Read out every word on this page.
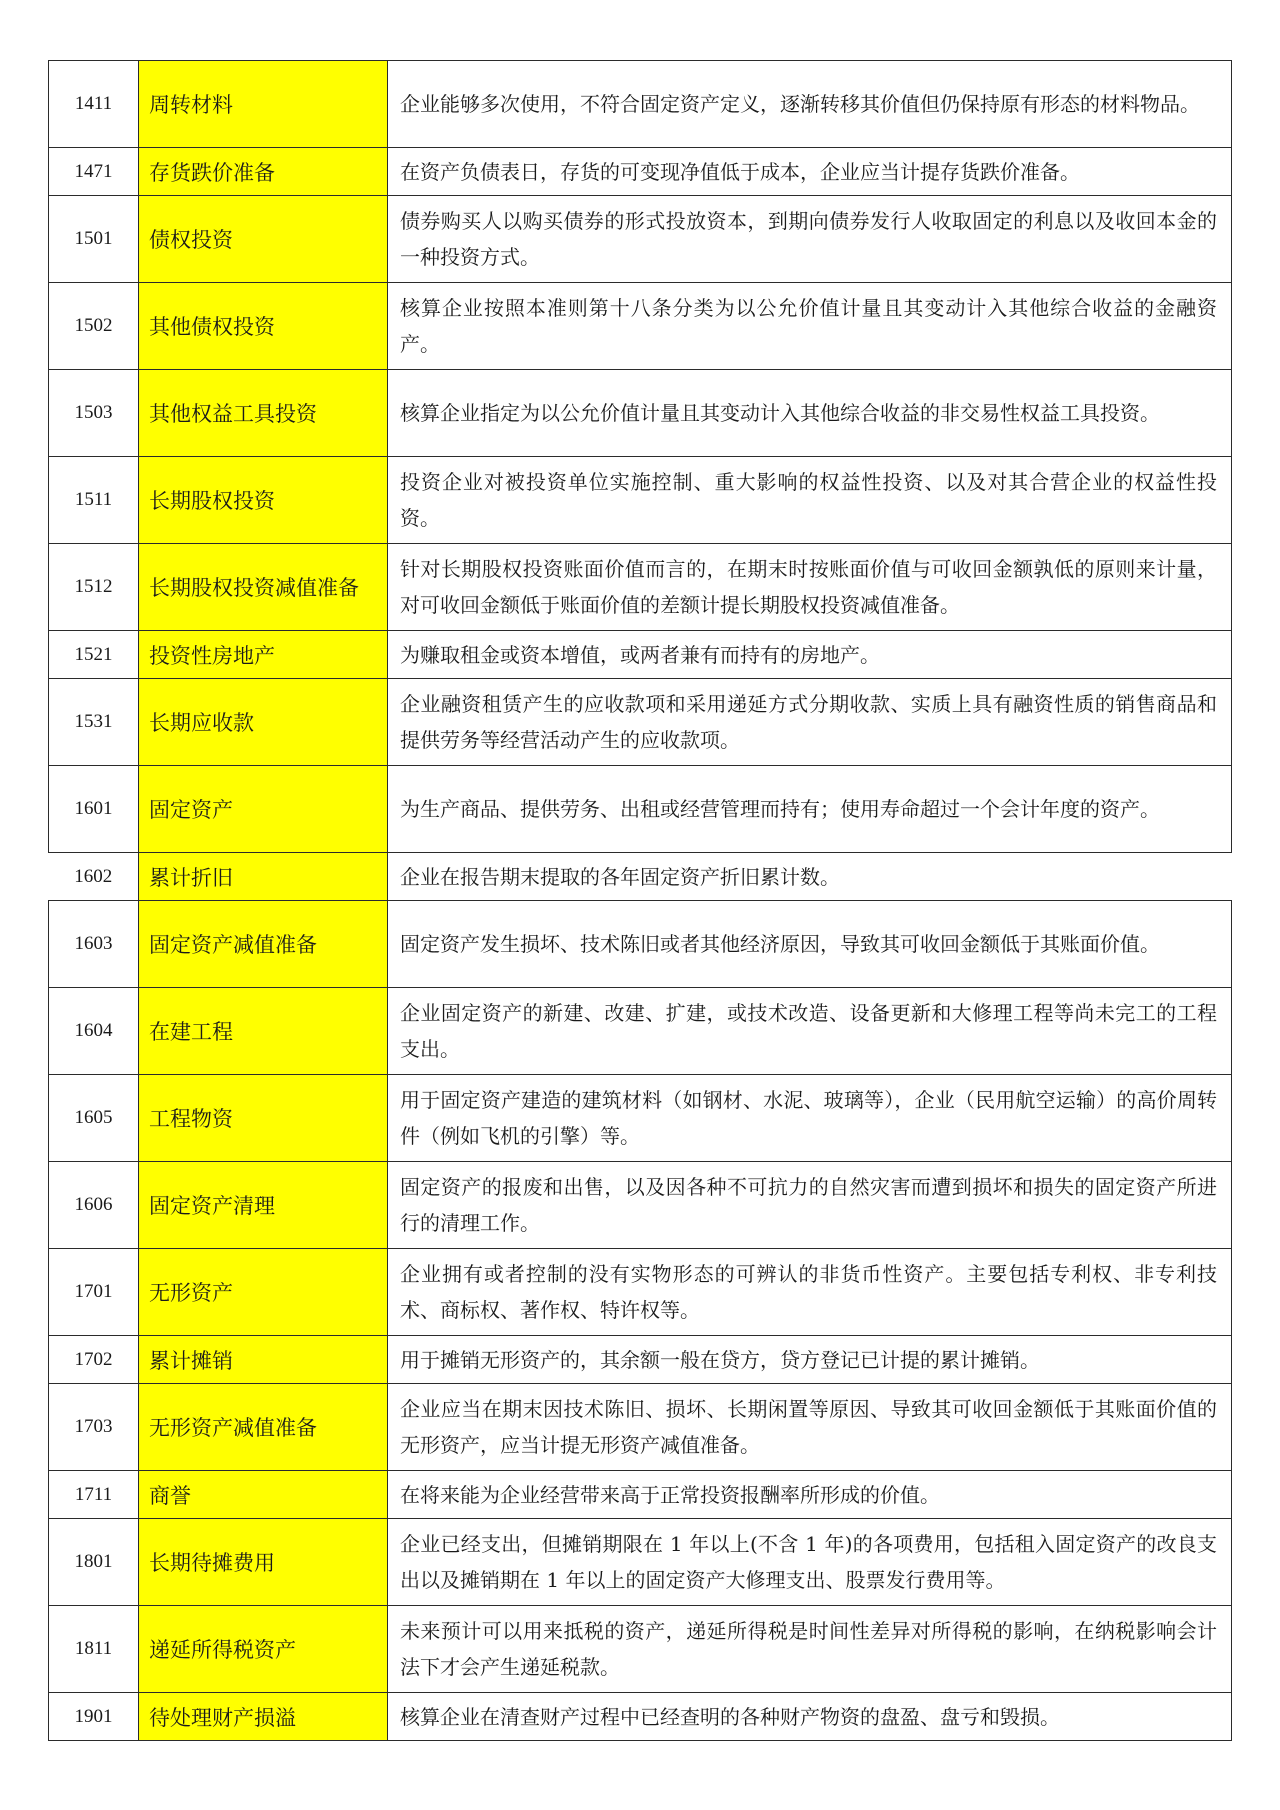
1411	周转材料	企业能够多次使用，不符合固定资产定义，逐渐转移其价值但仍保持原有形态的材料物品。
1471	存货跌价准备	在资产负债表日，存货的可变现净值低于成本，企业应当计提存货跌价准备。
1501	债权投资	债券购买人以购买债券的形式投放资本，到期向债券发行人收取固定的利息以及收回本金的一种投资方式。
1502	其他债权投资	核算企业按照本准则第十八条分类为以公允价值计量且其变动计入其他综合收益的金融资产。
1503	其他权益工具投资	核算企业指定为以公允价值计量且其变动计入其他综合收益的非交易性权益工具投资。
1511	长期股权投资	投资企业对被投资单位实施控制、重大影响的权益性投资、以及对其合营企业的权益性投资。
1512	长期股权投资减值准备	针对长期股权投资账面价值而言的，在期末时按账面价值与可收回金额孰低的原则来计量，对可收回金额低于账面价值的差额计提长期股权投资减值准备。
1521	投资性房地产	为赚取租金或资本增值，或两者兼有而持有的房地产。
1531	长期应收款	企业融资租赁产生的应收款项和采用递延方式分期收款、实质上具有融资性质的销售商品和提供劳务等经营活动产生的应收款项。
1601	固定资产	为生产商品、提供劳务、出租或经营管理而持有；使用寿命超过一个会计年度的资产。
1602	累计折旧	企业在报告期末提取的各年固定资产折旧累计数。
1603	固定资产减值准备	固定资产发生损坏、技术陈旧或者其他经济原因，导致其可收回金额低于其账面价值。
1604	在建工程	企业固定资产的新建、改建、扩建，或技术改造、设备更新和大修理工程等尚未完工的工程支出。
1605	工程物资	用于固定资产建造的建筑材料（如钢材、水泥、玻璃等），企业（民用航空运输）的高价周转件（例如飞机的引擎）等。
1606	固定资产清理	固定资产的报废和出售，以及因各种不可抗力的自然灾害而遭到损坏和损失的固定资产所进行的清理工作。
1701	无形资产	企业拥有或者控制的没有实物形态的可辨认的非货币性资产。主要包括专利权、非专利技术、商标权、著作权、特许权等。
1702	累计摊销	用于摊销无形资产的，其余额一般在贷方，贷方登记已计提的累计摊销。
1703	无形资产减值准备	企业应当在期末因技术陈旧、损坏、长期闲置等原因、导致其可收回金额低于其账面价值的无形资产，应当计提无形资产减值准备。
1711	商誉	在将来能为企业经营带来高于正常投资报酬率所形成的价值。
1801	长期待摊费用	企业已经支出，但摊销期限在 1 年以上(不含 1 年)的各项费用，包括租入固定资产的改良支出以及摊销期在 1 年以上的固定资产大修理支出、股票发行费用等。
1811	递延所得税资产	未来预计可以用来抵税的资产，递延所得税是时间性差异对所得税的影响，在纳税影响会计法下才会产生递延税款。
1901	待处理财产损溢	核算企业在清查财产过程中已经查明的各种财产物资的盘盈、盘亏和毁损。
